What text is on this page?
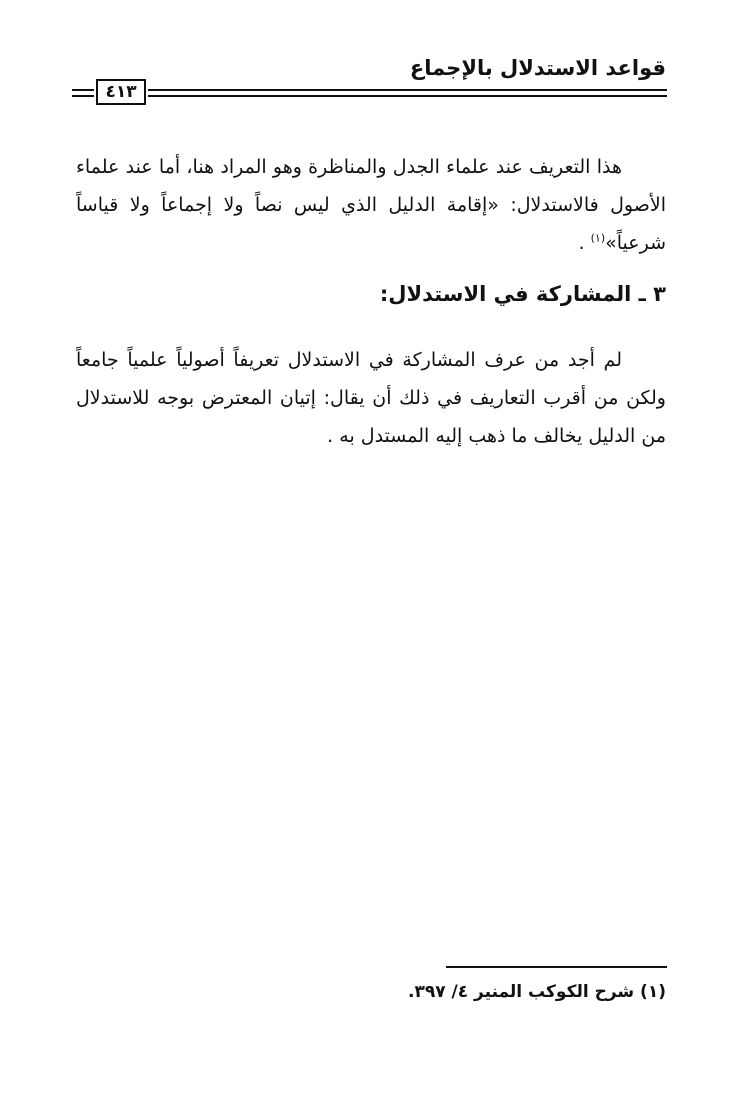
قواعد الاستدلال بالإجماع
٤١٣

هذا التعريف عند علماء الجدل والمناظرة وهو المراد هنا، أما عند علماء الأصول فالاستدلال: «إقامة الدليل الذي ليس نصاً ولا إجماعاً ولا قياساً شرعياً»$^{(١)}$ .

٣ ـ المشاركة في الاستدلال:

لم أجد من عرف المشاركة في الاستدلال تعريفاً أصولياً علمياً جامعاً ولكن من أقرب التعاريف في ذلك أن يقال: إتيان المعترض بوجه للاستدلال من الدليل يخالف ما ذهب إليه المستدل به .

(١) شرح الكوكب المنير ٤/ ٣٩٧.
